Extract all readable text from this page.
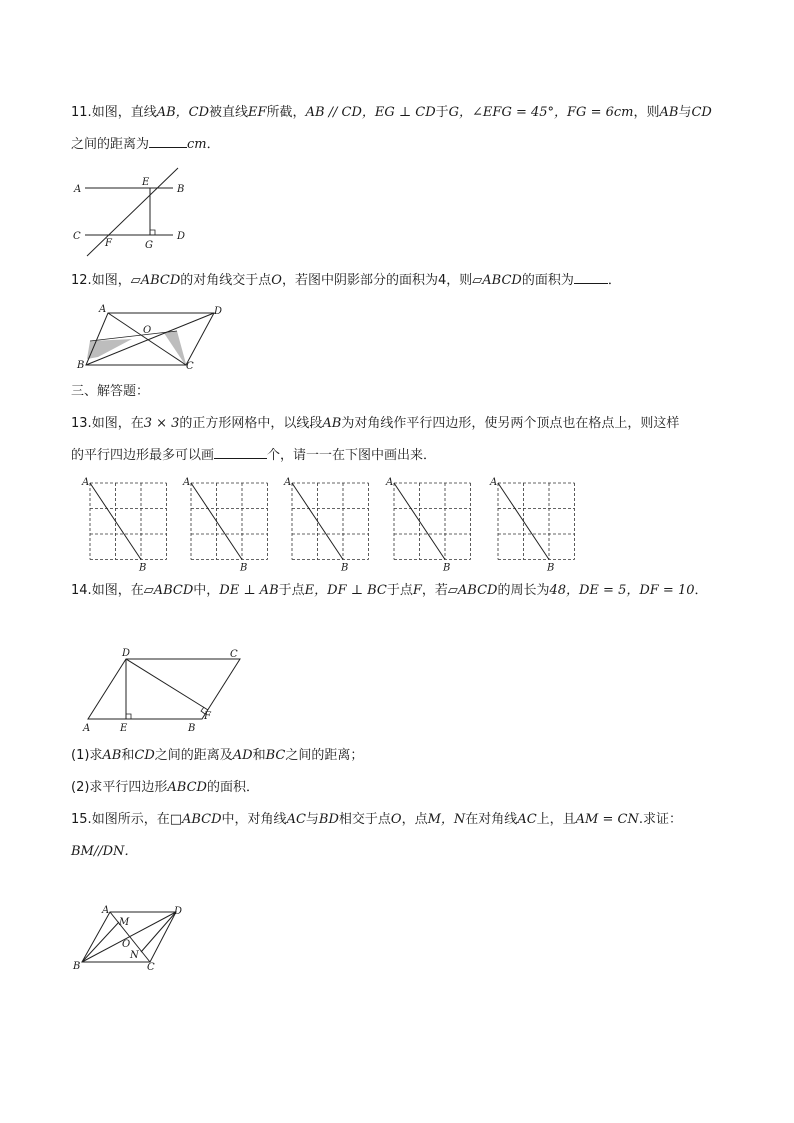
11.如图，直线AB，CD被直线EF所截，AB // CD，EG ⊥ CD于G，∠EFG = 45°，FG = 6cm，则AB与CD
之间的距离为	cm．
A
E
B
C
F	G
D
12.如图，▱ABCD的对角线交于点O，若图中阴影部分的面积为4，则▱ABCD的面积为	．
A	D
O
B	C
三、解答题：
13.如图，在3 × 3的正方形网格中，以线段AB为对角线作平行四边形，使另两个顶点也在格点上，则这样
的平行四边形最多可以画	个，请一一在下图中画出来．
A
B
A
B
A
B
A
B
A
B
14.如图，在▱ABCD中，DE ⊥ AB于点E，DF ⊥ BC于点F，若▱ABCD的周长为48，DE = 5，DF = 10．
D	C
A	E	B
F
(1)求AB和CD之间的距离及AD和BC之间的距离；
(2)求平行四边形ABCD的面积．
15.如图所示，在□ABCD中，对角线AC与BD相交于点O，点M，N在对角线AC上，且AM = CN.求证：
BM//DN．
A
M
D
O
N
B	C
